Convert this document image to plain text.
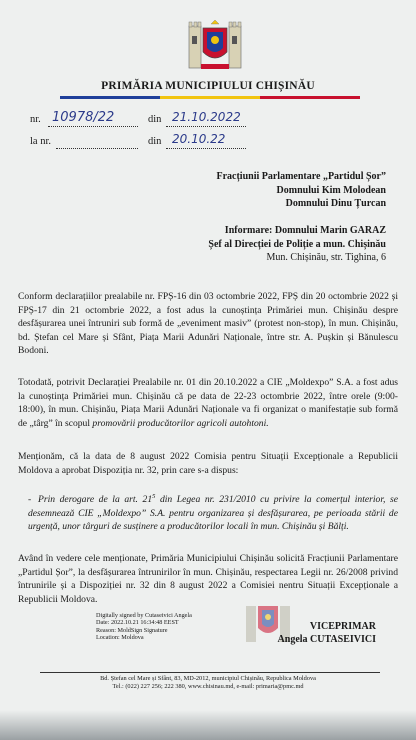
PRIMĂRIA MUNICIPIULUI CHIȘINĂU
nr. 10978/22	din 21.10.2022
la nr.	din 20.10.22
Fracțiunii Parlamentare „Partidul Șor”
Domnului Kim Molodean
Domnului Dinu Țurcan
Informare: Domnului Marin GARAZ
Șef al Direcției de Poliție a mun. Chișinău
Mun. Chișinău, str. Tighina, 6
Conform declarațiilor prealabile nr. FPȘ-16 din 03 octombrie 2022, FPȘ din 20 octombrie 2022 și FPȘ-17 din 21 octombrie 2022, a fost adus la cunoștința Primăriei mun. Chișinău despre desfășurarea unei întruniri sub formă de „eveniment masiv” (protest non-stop), în mun. Chișinău, bd. Ștefan cel Mare și Sfânt, Piața Marii Adunări Naționale, între str. A. Pușkin și Bănulescu Bodoni.
Totodată, potrivit Declarației Prealabile nr. 01 din 20.10.2022 a CIE „Moldexpo” S.A. a fost adus la cunoștința Primăriei mun. Chișinău că pe data de 22-23 octombrie 2022, între orele (9:00-18:00), în mun. Chișinău, Piața Marii Adunări Naționale va fi organizat o manifestație sub formă de „târg” în scopul promovării producătorilor agricoli autohtoni.
Menționăm, că la data de 8 august 2022 Comisia pentru Situații Excepționale a Republicii Moldova a aprobat Dispoziția nr. 32, prin care s-a dispus:
- Prin derogare de la art. $21^5$ din Legea nr. 231/2010 cu privire la comerțul interior, se desemnează CIE „Moldexpo” S.A. pentru organizarea și desfășurarea, pe perioada stării de urgență, unor târguri de susținere a producătorilor locali în mun. Chișinău și Bălți.
Având în vedere cele menționate, Primăria Municipiului Chișinău solicită Fracțiunii Parlamentare „Partidul Șor”, la desfășurarea întrunirilor în mun. Chișinău, respectarea Legii nr. 26/2008 privind întrunirile și a Dispoziției nr. 32 din 8 august 2022 a Comisiei nentru Situații Excepționale a Republicii Moldova.
Digitally signed by Cutaseivici Angela
Date: 2022.10.21 16:34:48 EEST
Reason: MoldSign Signature
Location: Moldova
VICEPRIMAR
Angela CUTASEIVICI
Bd. Ștefan cel Mare și Sfânt, 83, MD-2012, municipiul Chișinău, Republica Moldova
Tel.: (022) 227 256; 222 380, www.chisinau.md, e-mail: primaria@pmc.md
